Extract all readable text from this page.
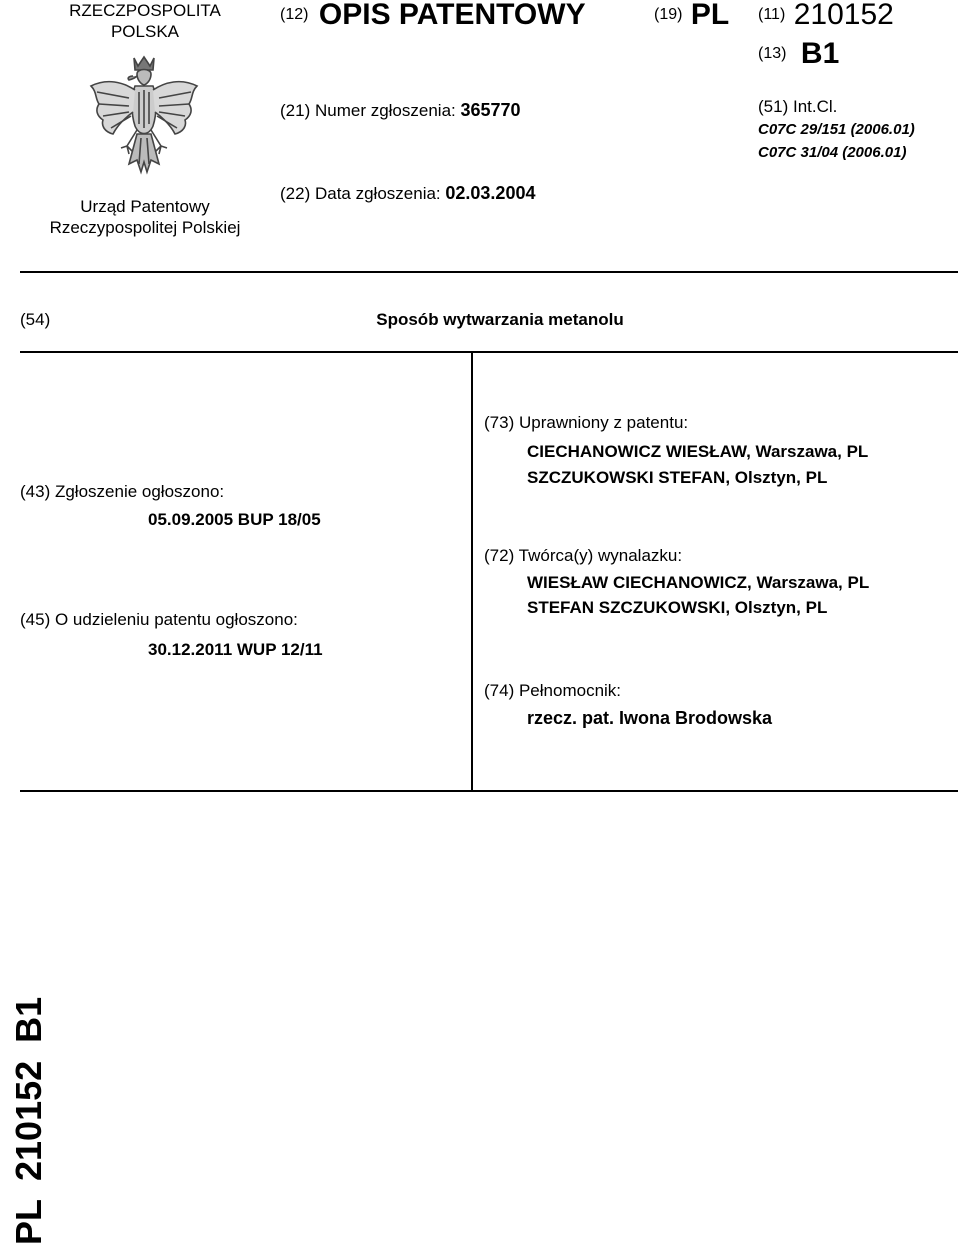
RZECZPOSPOLITA
POLSKA
Urząd Patentowy
Rzeczypospolitej Polskiej
(12) OPIS PATENTOWY	(19) PL (11) 210152
(13) B1
(21) Numer zgłoszenia: 365770	(51) Int.Cl.
C07C 29/151 (2006.01)
C07C 31/04 (2006.01)
(22) Data zgłoszenia: 02.03.2004
(54)	Sposób wytwarzania metanolu
(43) Zgłoszenie ogłoszono:
05.09.2005 BUP 18/05
(45) O udzieleniu patentu ogłoszono:
30.12.2011 WUP 12/11
(73) Uprawniony z patentu:
CIECHANOWICZ WIESŁAW, Warszawa, PL
SZCZUKOWSKI STEFAN, Olsztyn, PL
(72) Twórca(y) wynalazku:
WIESŁAW CIECHANOWICZ, Warszawa, PL
STEFAN SZCZUKOWSKI, Olsztyn, PL
(74) Pełnomocnik:
rzecz. pat. Iwona Brodowska
PL210152B1
